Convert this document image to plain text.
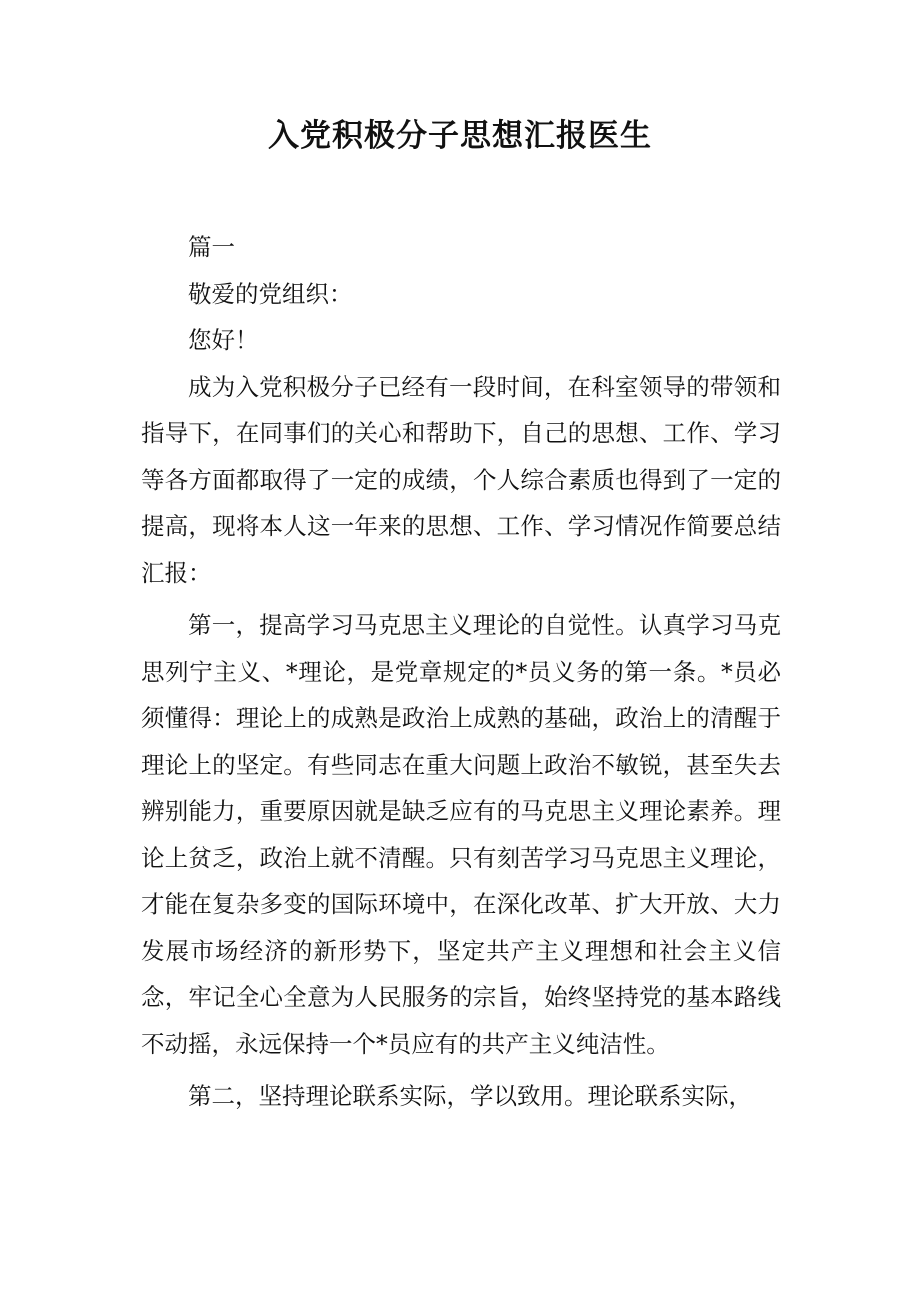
入党积极分子思想汇报医生

篇一

敬爱的党组织：

您好！

成为入党积极分子已经有一段时间，在科室领导的带领和指导下，在同事们的关心和帮助下，自己的思想、工作、学习等各方面都取得了一定的成绩，个人综合素质也得到了一定的提高，现将本人这一年来的思想、工作、学习情况作简要总结汇报：

第一，提高学习马克思主义理论的自觉性。认真学习马克思列宁主义、*理论，是党章规定的*员义务的第一条。*员必须懂得：理论上的成熟是政治上成熟的基础，政治上的清醒于理论上的坚定。有些同志在重大问题上政治不敏锐，甚至失去辨别能力，重要原因就是缺乏应有的马克思主义理论素养。理论上贫乏，政治上就不清醒。只有刻苦学习马克思主义理论，才能在复杂多变的国际环境中，在深化改革、扩大开放、大力发展市场经济的新形势下，坚定共产主义理想和社会主义信念，牢记全心全意为人民服务的宗旨，始终坚持党的基本路线不动摇，永远保持一个*员应有的共产主义纯洁性。

第二，坚持理论联系实际，学以致用。理论联系实际，
